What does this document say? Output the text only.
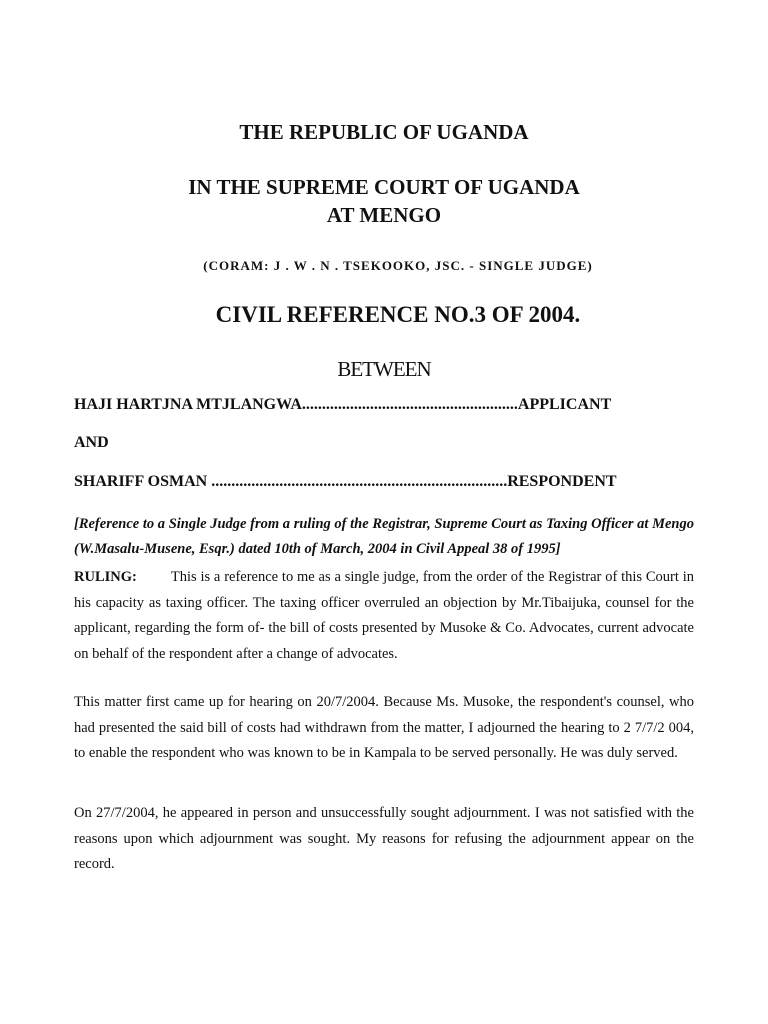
THE REPUBLIC OF UGANDA
IN THE SUPREME COURT OF UGANDA
AT MENGO
(CORAM: J . W . N . TSEKOOKO, JSC. - SINGLE JUDGE)
CIVIL REFERENCE NO.3 OF 2004.
BETWEEN
HAJI HARTJNA MTJLANGWA......................................................APPLICANT
AND
SHARIFF OSMAN ..........................................................................RESPONDENT
[Reference to a Single Judge from a ruling of the Registrar, Supreme Court as Taxing Officer at Mengo (W.Masalu-Musene, Esqr.) dated 10th of March, 2004 in Civil Appeal 38 of 1995]
RULING: This is a reference to me as a single judge, from the order of the Registrar of this Court in his capacity as taxing officer. The taxing officer overruled an objection by Mr.Tibaijuka, counsel for the applicant, regarding the form of- the bill of costs presented by Musoke & Co. Advocates, current advocate on behalf of the respondent after a change of advocates.
This matter first came up for hearing on 20/7/2004. Because Ms. Musoke, the respondent's counsel, who had presented the said bill of costs had withdrawn from the matter, I adjourned the hearing to 2 7/7/2 004, to enable the respondent who was known to be in Kampala to be served personally. He was duly served.
On 27/7/2004, he appeared in person and unsuccessfully sought adjournment. I was not satisfied with the reasons upon which adjournment was sought. My reasons for refusing the adjournment appear on the record.
